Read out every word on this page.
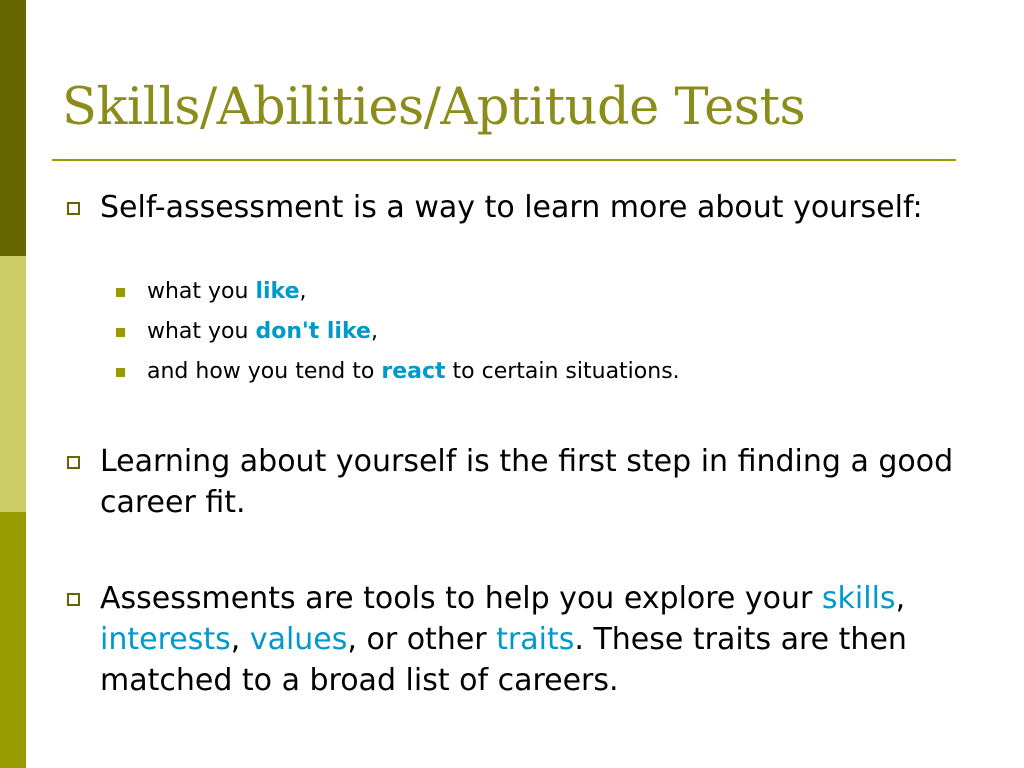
Skills/Abilities/Aptitude Tests
Self-assessment is a way to learn more about yourself:
what you like,
what you don't like,
and how you tend to react to certain situations.
Learning about yourself is the first step in finding a good career fit.
Assessments are tools to help you explore your skills, interests, values, or other traits. These traits are then matched to a broad list of careers.
